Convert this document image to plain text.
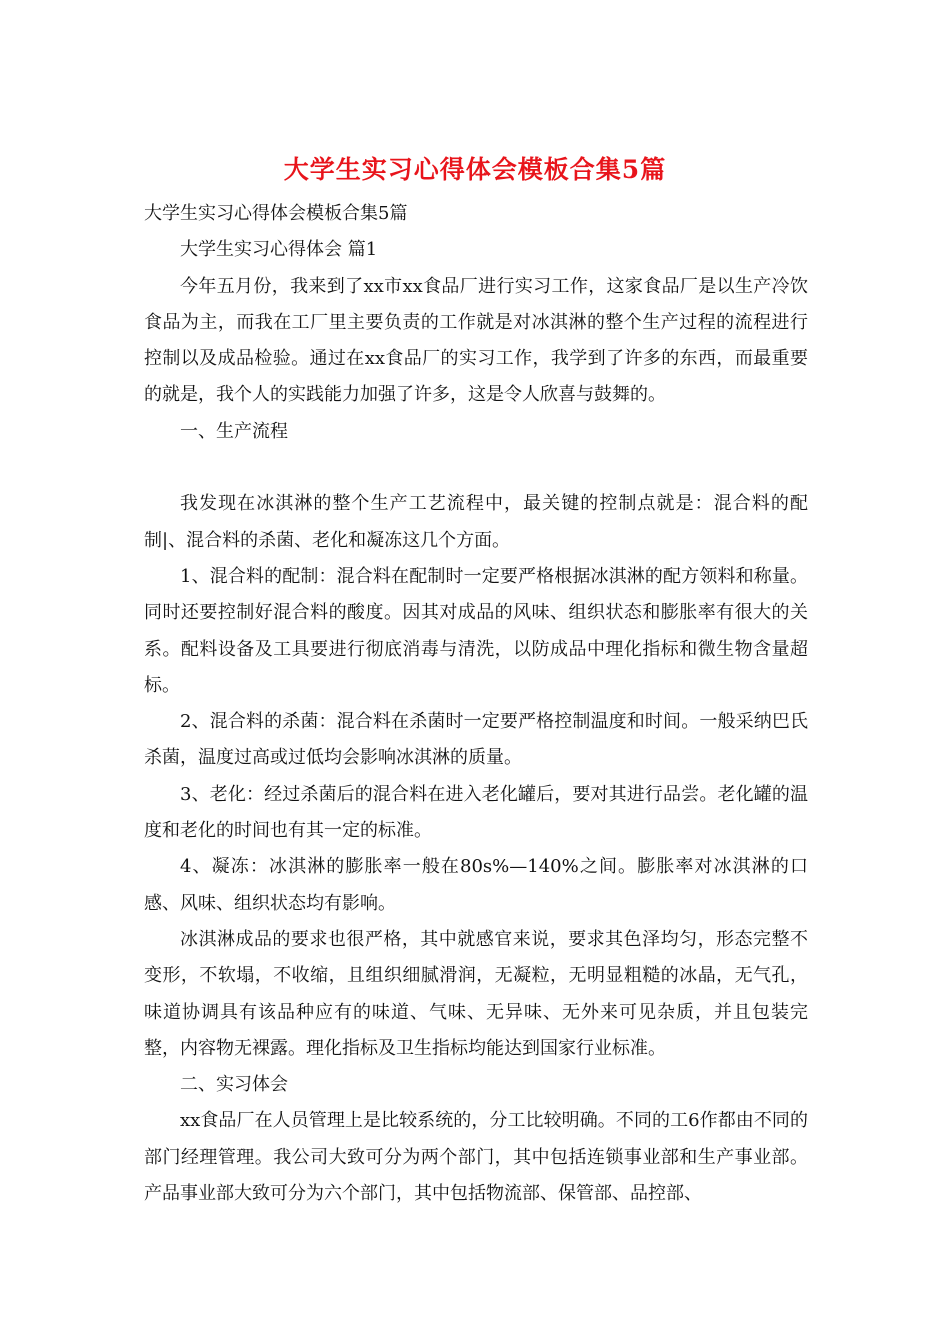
大学生实习心得体会模板合集5篇

大学生实习心得体会模板合集5篇

大学生实习心得体会 篇1

今年五月份，我来到了xx市xx食品厂进行实习工作，这家食品厂是以生产冷饮食品为主，而我在工厂里主要负责的工作就是对冰淇淋的整个生产过程的流程进行控制以及成品检验。通过在xx食品厂的实习工作，我学到了许多的东西，而最重要的就是，我个人的实践能力加强了许多，这是令人欣喜与鼓舞的。

一、生产流程

我发现在冰淇淋的整个生产工艺流程中，最关键的控制点就是：混合料的配制|、混合料的杀菌、老化和凝冻这几个方面。

1、混合料的配制：混合料在配制时一定要严格根据冰淇淋的配方领料和称量。同时还要控制好混合料的酸度。因其对成品的风味、组织状态和膨胀率有很大的关系。配料设备及工具要进行彻底消毒与清洗，以防成品中理化指标和微生物含量超标。

2、混合料的杀菌：混合料在杀菌时一定要严格控制温度和时间。一般采纳巴氏杀菌，温度过高或过低均会影响冰淇淋的质量。

3、老化：经过杀菌后的混合料在进入老化罐后，要对其进行品尝。老化罐的温度和老化的时间也有其一定的标准。

4、凝冻：冰淇淋的膨胀率一般在80s%—140%之间。膨胀率对冰淇淋的口感、风味、组织状态均有影响。

冰淇淋成品的要求也很严格，其中就感官来说，要求其色泽均匀，形态完整不变形，不软塌，不收缩，且组织细腻滑润，无凝粒，无明显粗糙的冰晶，无气孔，味道协调具有该品种应有的味道、气味、无异味、无外来可见杂质，并且包装完整，内容物无裸露。理化指标及卫生指标均能达到国家行业标准。

二、实习体会

xx食品厂在人员管理上是比较系统的，分工比较明确。不同的工6作都由不同的部门经理管理。我公司大致可分为两个部门，其中包括连锁事业部和生产事业部。产品事业部大致可分为六个部门，其中包括物流部、保管部、品控部、
